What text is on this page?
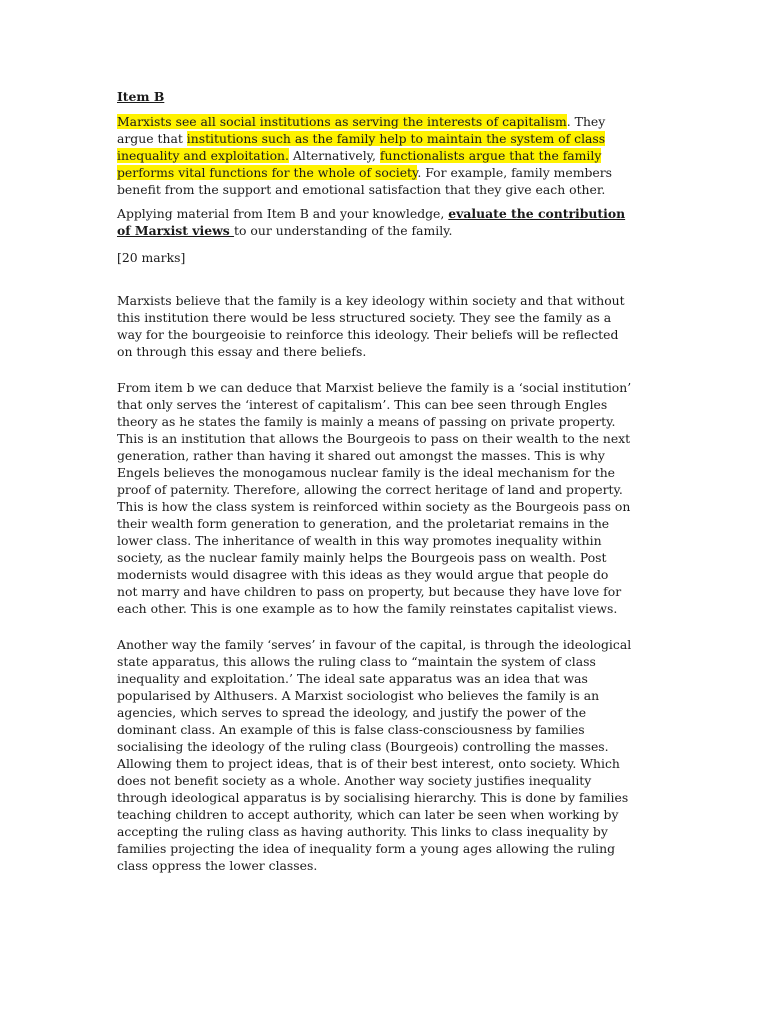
Item B

Marxists see all social institutions as serving the interests of capitalism. They
argue that institutions such as the family help to maintain the system of class
inequality and exploitation. Alternatively, functionalists argue that the family
performs vital functions for the whole of society. For example, family members
benefit from the support and emotional satisfaction that they give each other.

Applying material from Item B and your knowledge, evaluate the contribution
of Marxist views to our understanding of the family.

[20 marks]

Marxists believe that the family is a key ideology within society and that without
this institution there would be less structured society. They see the family as a
way for the bourgeoisie to reinforce this ideology. Their beliefs will be reflected
on through this essay and there beliefs.

From item b we can deduce that Marxist believe the family is a ‘social institution’
that only serves the ‘interest of capitalism’. This can bee seen through Engles
theory as he states the family is mainly a means of passing on private property.
This is an institution that allows the Bourgeois to pass on their wealth to the next
generation, rather than having it shared out amongst the masses. This is why
Engels believes the monogamous nuclear family is the ideal mechanism for the
proof of paternity. Therefore, allowing the correct heritage of land and property.
This is how the class system is reinforced within society as the Bourgeois pass on
their wealth form generation to generation, and the proletariat remains in the
lower class. The inheritance of wealth in this way promotes inequality within
society, as the nuclear family mainly helps the Bourgeois pass on wealth. Post
modernists would disagree with this ideas as they would argue that people do
not marry and have children to pass on property, but because they have love for
each other. This is one example as to how the family reinstates capitalist views.

Another way the family ‘serves’ in favour of the capital, is through the ideological
state apparatus, this allows the ruling class to “maintain the system of class
inequality and exploitation.’ The ideal sate apparatus was an idea that was
popularised by Althusers. A Marxist sociologist who believes the family is an
agencies, which serves to spread the ideology, and justify the power of the
dominant class. An example of this is false class-consciousness by families
socialising the ideology of the ruling class (Bourgeois) controlling the masses.
Allowing them to project ideas, that is of their best interest, onto society. Which
does not benefit society as a whole. Another way society justifies inequality
through ideological apparatus is by socialising hierarchy. This is done by families
teaching children to accept authority, which can later be seen when working by
accepting the ruling class as having authority. This links to class inequality by
families projecting the idea of inequality form a young ages allowing the ruling
class oppress the lower classes.
